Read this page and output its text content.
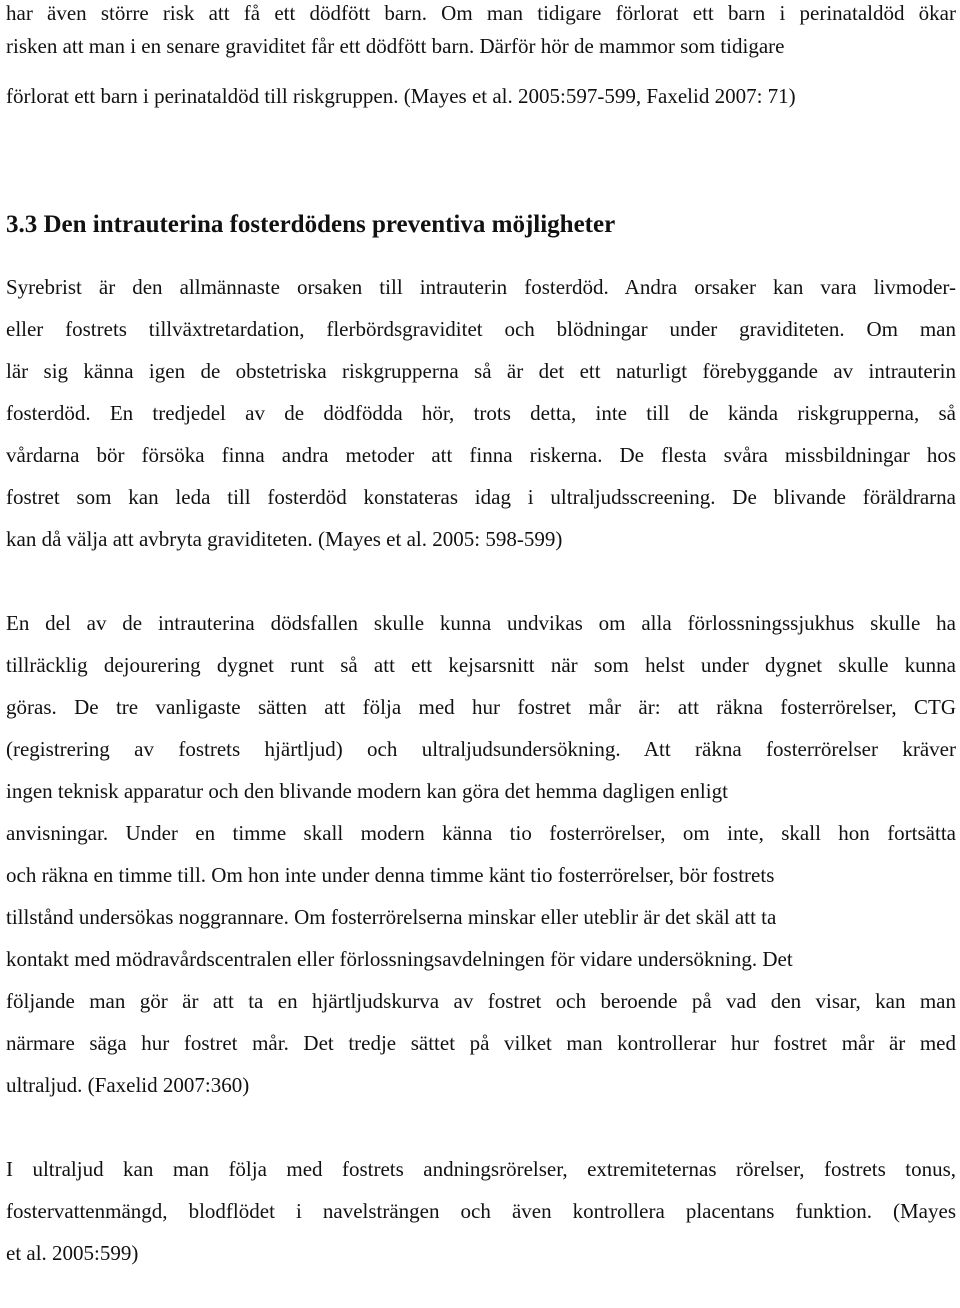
har även större risk att få ett dödfött barn. Om man tidigare förlorat ett barn i perinataldöd ökar
risken att man i en senare graviditet får ett dödfött barn. Därför hör de mammor som tidigare
förlorat ett barn i perinataldöd till riskgruppen. (Mayes et al. 2005:597-599, Faxelid 2007: 71)
3.3 Den intrauterina fosterdödens preventiva möjligheter
Syrebrist är den allmännaste orsaken till intrauterin fosterdöd. Andra orsaker kan vara livmoder-
eller fostrets tillväxtretardation, flerbördsgraviditet och blödningar under graviditeten. Om man
lär sig känna igen de obstetriska riskgrupperna så är det ett naturligt förebyggande av intrauterin
fosterdöd. En tredjedel av de dödfödda hör, trots detta, inte till de kända riskgrupperna, så
vårdarna bör försöka finna andra metoder att finna riskerna. De flesta svåra missbildningar hos
fostret som kan leda till fosterdöd konstateras idag i ultraljudsscreening. De blivande föräldrarna
kan då välja att avbryta graviditeten. (Mayes et al. 2005: 598-599)
En del av de intrauterina dödsfallen skulle kunna undvikas om alla förlossningssjukhus skulle ha
tillräcklig dejourering dygnet runt så att ett kejsarsnitt när som helst under dygnet skulle kunna
göras. De tre vanligaste sätten att följa med hur fostret mår är: att räkna fosterrörelser, CTG
(registrering av fostrets hjärtljud) och ultraljudsundersökning. Att räkna fosterrörelser kräver
ingen teknisk apparatur och den blivande modern kan göra det hemma dagligen enligt
anvisningar. Under en timme skall modern känna tio fosterrörelser, om inte, skall hon fortsätta
och räkna en timme till. Om hon inte under denna timme känt tio fosterrörelser, bör fostrets
tillstånd undersökas noggrannare. Om fosterrörelserna minskar eller uteblir är det skäl att ta
kontakt med mödravårdscentralen eller förlossningsavdelningen för vidare undersökning. Det
följande man gör är att ta en hjärtljudskurva av fostret och beroende på vad den visar, kan man
närmare säga hur fostret mår. Det tredje sättet på vilket man kontrollerar hur fostret mår är med
ultraljud. (Faxelid 2007:360)
I ultraljud kan man följa med fostrets andningsrörelser, extremiteternas rörelser, fostrets tonus,
fostervattenmängd, blodflödet i navelsträngen och även kontrollera placentans funktion. (Mayes
et al. 2005:599)
